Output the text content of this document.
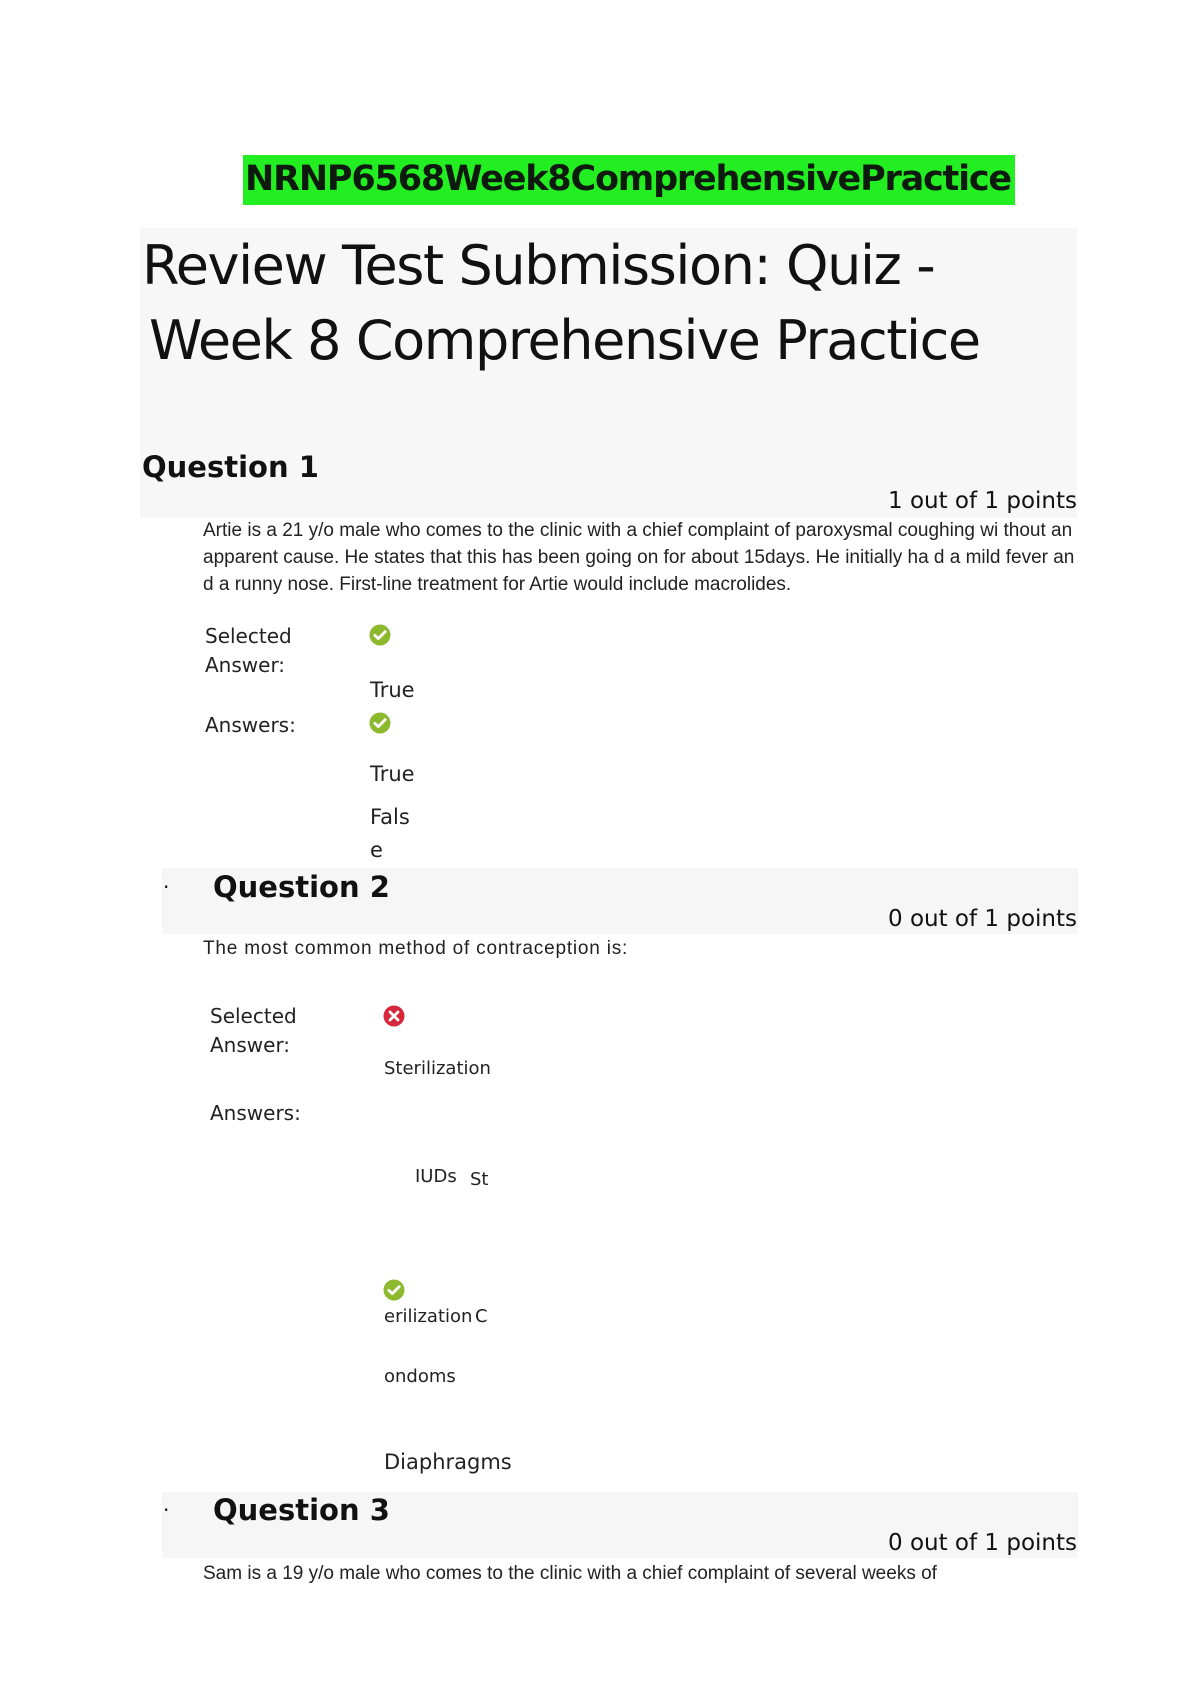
NRNP6568Week8ComprehensivePractice
Review Test Submission: Quiz -
Week 8 Comprehensive Practice
Question 1
1 out of 1 points
Artie is a 21 y/o male who comes to the clinic with a chief complaint of paroxysmal coughing wi thout an apparent cause. He states that this has been going on for about 15days. He initially ha d a mild fever and a runny nose. First-line treatment for Artie would include macrolides.
Selected Answer:
True
Answers:
True
False
· Question 2
0 out of 1 points
The most common method of contraception is:
Selected Answer:
Sterilization
Answers:
IUDs St
erilization C
ondoms
Diaphragms
· Question 3
0 out of 1 points
Sam is a 19 y/o male who comes to the clinic with a chief complaint of several weeks of
